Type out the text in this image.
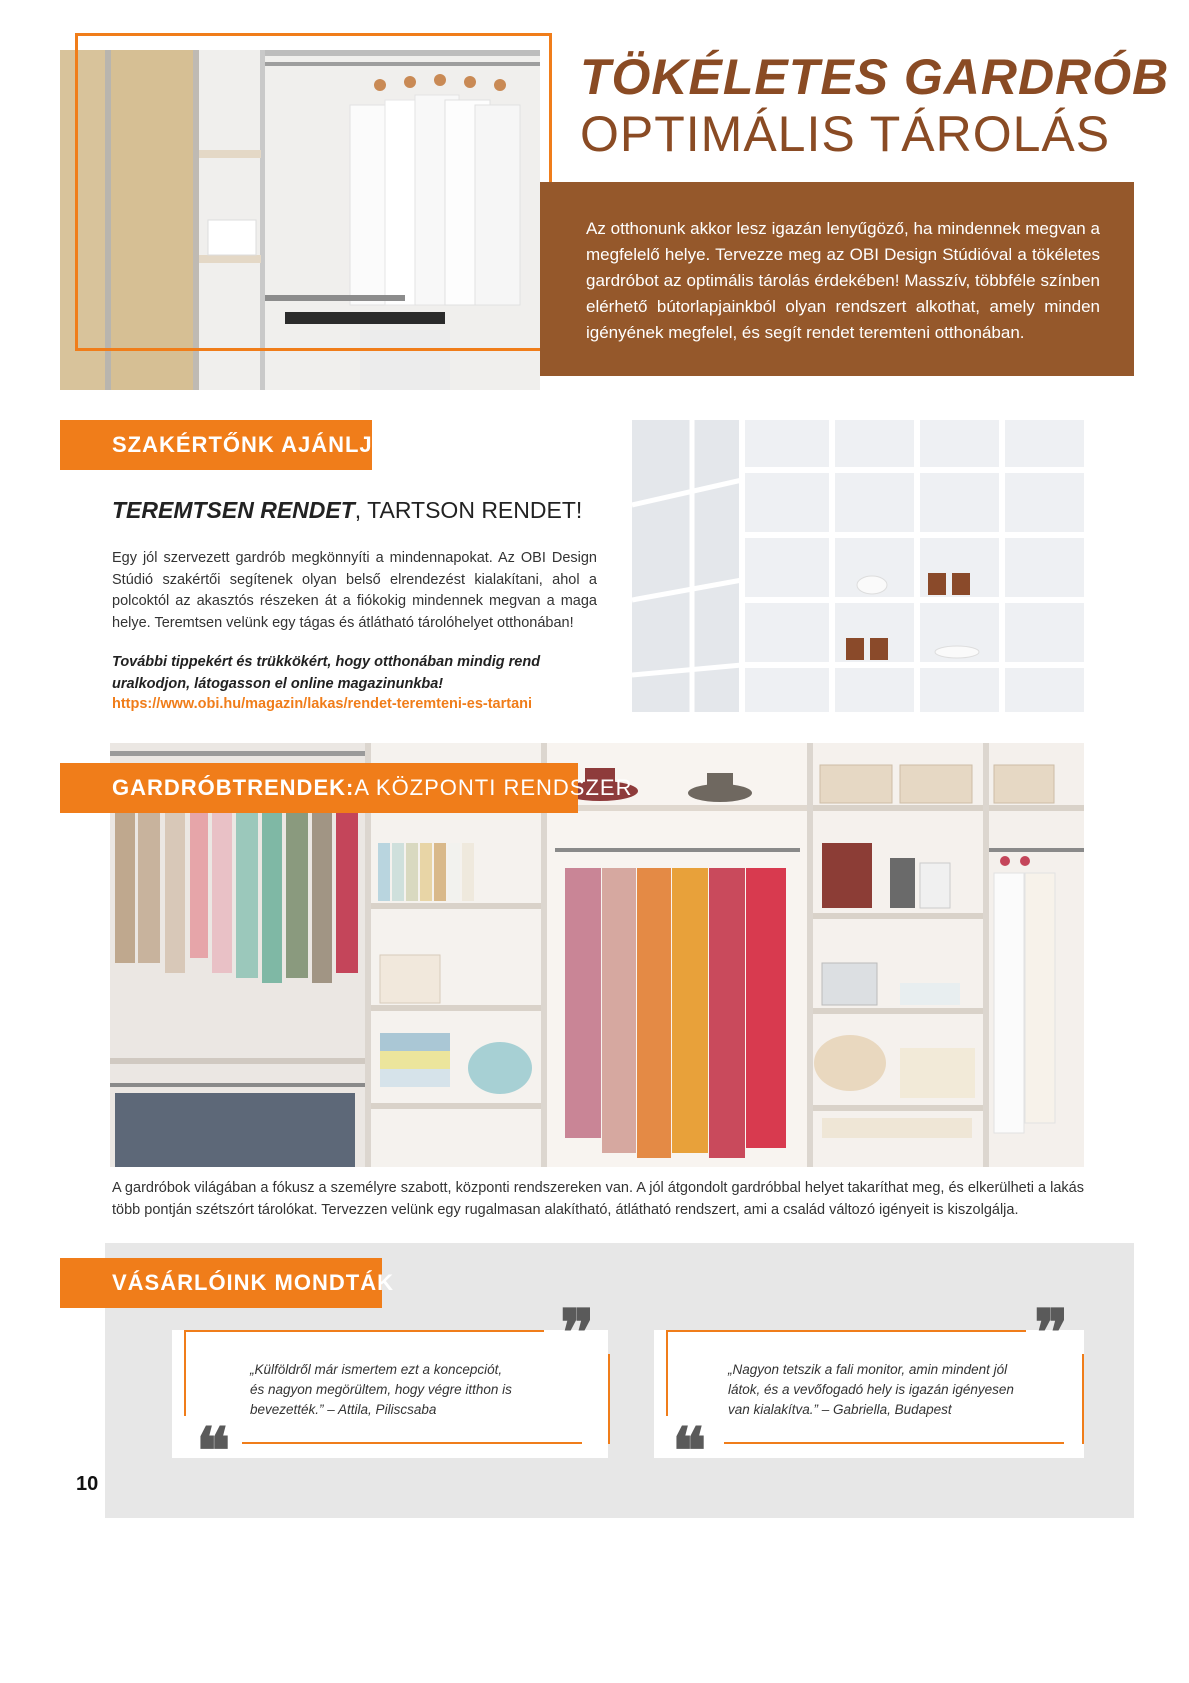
TÖKÉLETES GARDRÓB
OPTIMÁLIS TÁROLÁS
Az otthonunk akkor lesz igazán lenyűgöző, ha mindennek megvan a megfelelő helye. Tervezze meg az OBI Design Stúdióval a tökéletes gardróbot az optimális tárolás érdekében! Masszív, többféle színben elérhető bútorlapjainkból olyan rendszert alkothat, amely minden igényének megfelel, és segít rendet teremteni otthonában.
SZAKÉRTŐNK AJÁNLJA:
TEREMTSEN RENDET, TARTSON RENDET!
Egy jól szervezett gardrób megkönnyíti a mindennapokat. Az OBI Design Stúdió szakértői segítenek olyan belső elrendezést kialakítani, ahol a polcoktól az akasztós részeken át a fiókokig mindennek megvan a maga helye. Teremtsen velünk egy tágas és átlátható tárolóhelyet otthonában!
További tippekért és trükkökért, hogy otthonában mindig rend uralkodjon, látogasson el online magazinunkba!
https://www.obi.hu/magazin/lakas/rendet-teremteni-es-tartani
GARDRÓBTRENDEK: A KÖZPONTI RENDSZER
A gardróbok világában a fókusz a személyre szabott, központi rendszereken van. A jól átgondolt gardróbbal helyet takaríthat meg, és elkerülheti a lakás több pontján szétszórt tárolókat. Tervezzen velünk egy rugalmasan alakítható, átlátható rendszert, ami a család változó igényeit is kiszolgálja.
VÁSÁRLÓINK MONDTÁK
„Külföldről már ismertem ezt a koncepciót, és nagyon megörültem, hogy végre itthon is bevezették.” – Attila, Piliscsaba
❞
❝
„Nagyon tetszik a fali monitor, amin mindent jól látok, és a vevőfogadó hely is igazán igényesen van kialakítva.” – Gabriella, Budapest
❞
❝
10
